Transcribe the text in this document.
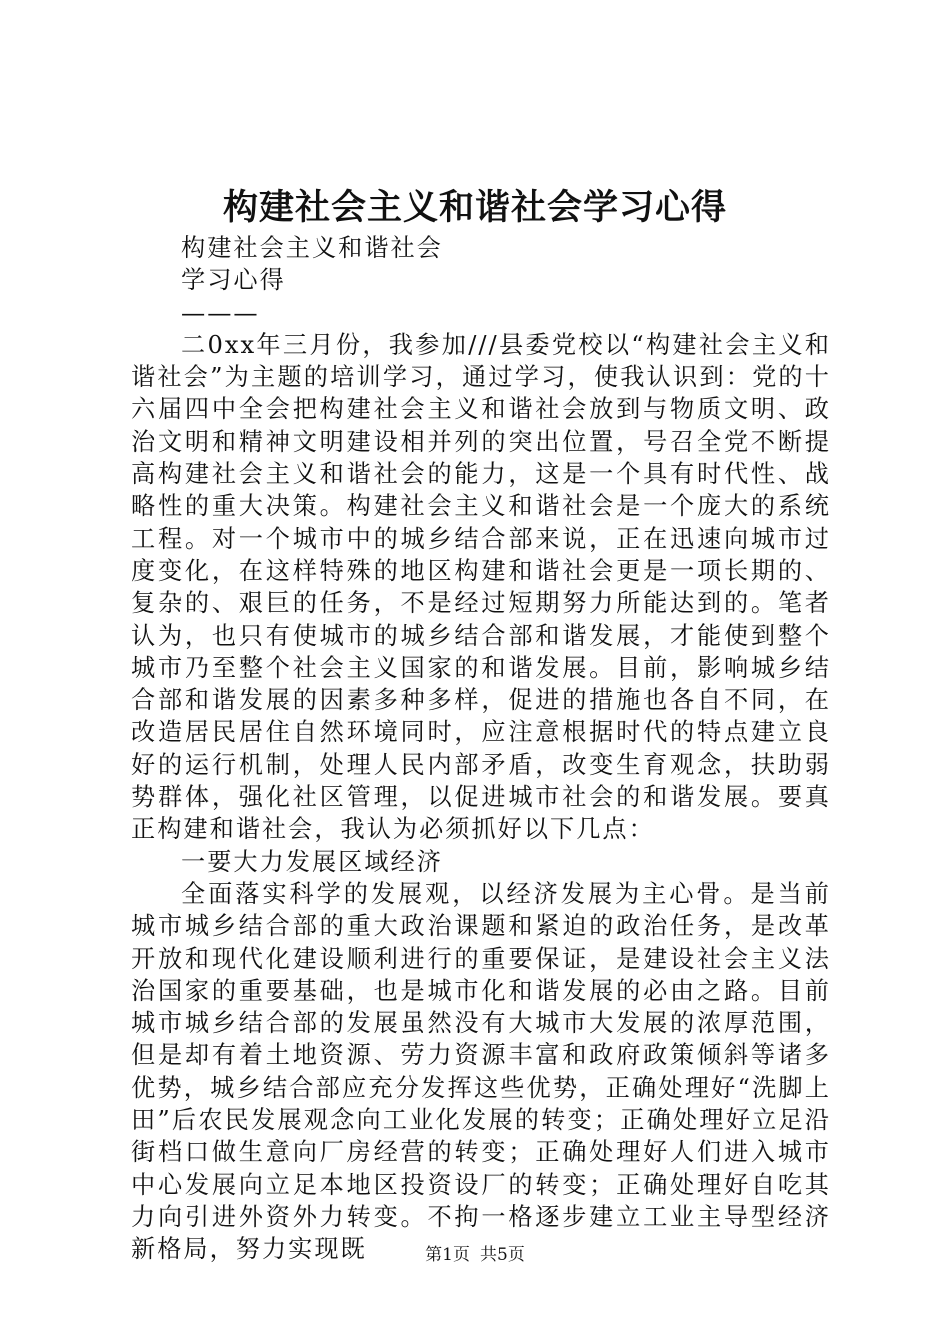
构建社会主义和谐社会学习心得

构建社会主义和谐社会

学习心得

———

二0xx年三月份，我参加///县委党校以“构建社会主义和谐社会”为主题的培训学习，通过学习，使我认识到：党的十六届四中全会把构建社会主义和谐社会放到与物质文明、政治文明和精神文明建设相并列的突出位置，号召全党不断提高构建社会主义和谐社会的能力，这是一个具有时代性、战略性的重大决策。构建社会主义和谐社会是一个庞大的系统工程。对一个城市中的城乡结合部来说，正在迅速向城市过度变化，在这样特殊的地区构建和谐社会更是一项长期的、复杂的、艰巨的任务，不是经过短期努力所能达到的。笔者认为，也只有使城市的城乡结合部和谐发展，才能使到整个城市乃至整个社会主义国家的和谐发展。目前，影响城乡结合部和谐发展的因素多种多样，促进的措施也各自不同，在改造居民居住自然环境同时，应注意根据时代的特点建立良好的运行机制，处理人民内部矛盾，改变生育观念，扶助弱势群体，强化社区管理，以促进城市社会的和谐发展。要真正构建和谐社会，我认为必须抓好以下几点：

一要大力发展区域经济

全面落实科学的发展观，以经济发展为主心骨。是当前城市城乡结合部的重大政治课题和紧迫的政治任务，是改革开放和现代化建设顺利进行的重要保证，是建设社会主义法治国家的重要基础，也是城市化和谐发展的必由之路。目前城市城乡结合部的发展虽然没有大城市大发展的浓厚范围，但是却有着土地资源、劳力资源丰富和政府政策倾斜等诸多优势，城乡结合部应充分发挥这些优势，正确处理好“洗脚上田”后农民发展观念向工业化发展的转变；正确处理好立足沿街档口做生意向厂房经营的转变；正确处理好人们进入城市中心发展向立足本地区投资设厂的转变；正确处理好自吃其力向引进外资外力转变。不拘一格逐步建立工业主导型经济新格局，努力实现既	第1页 共5页
